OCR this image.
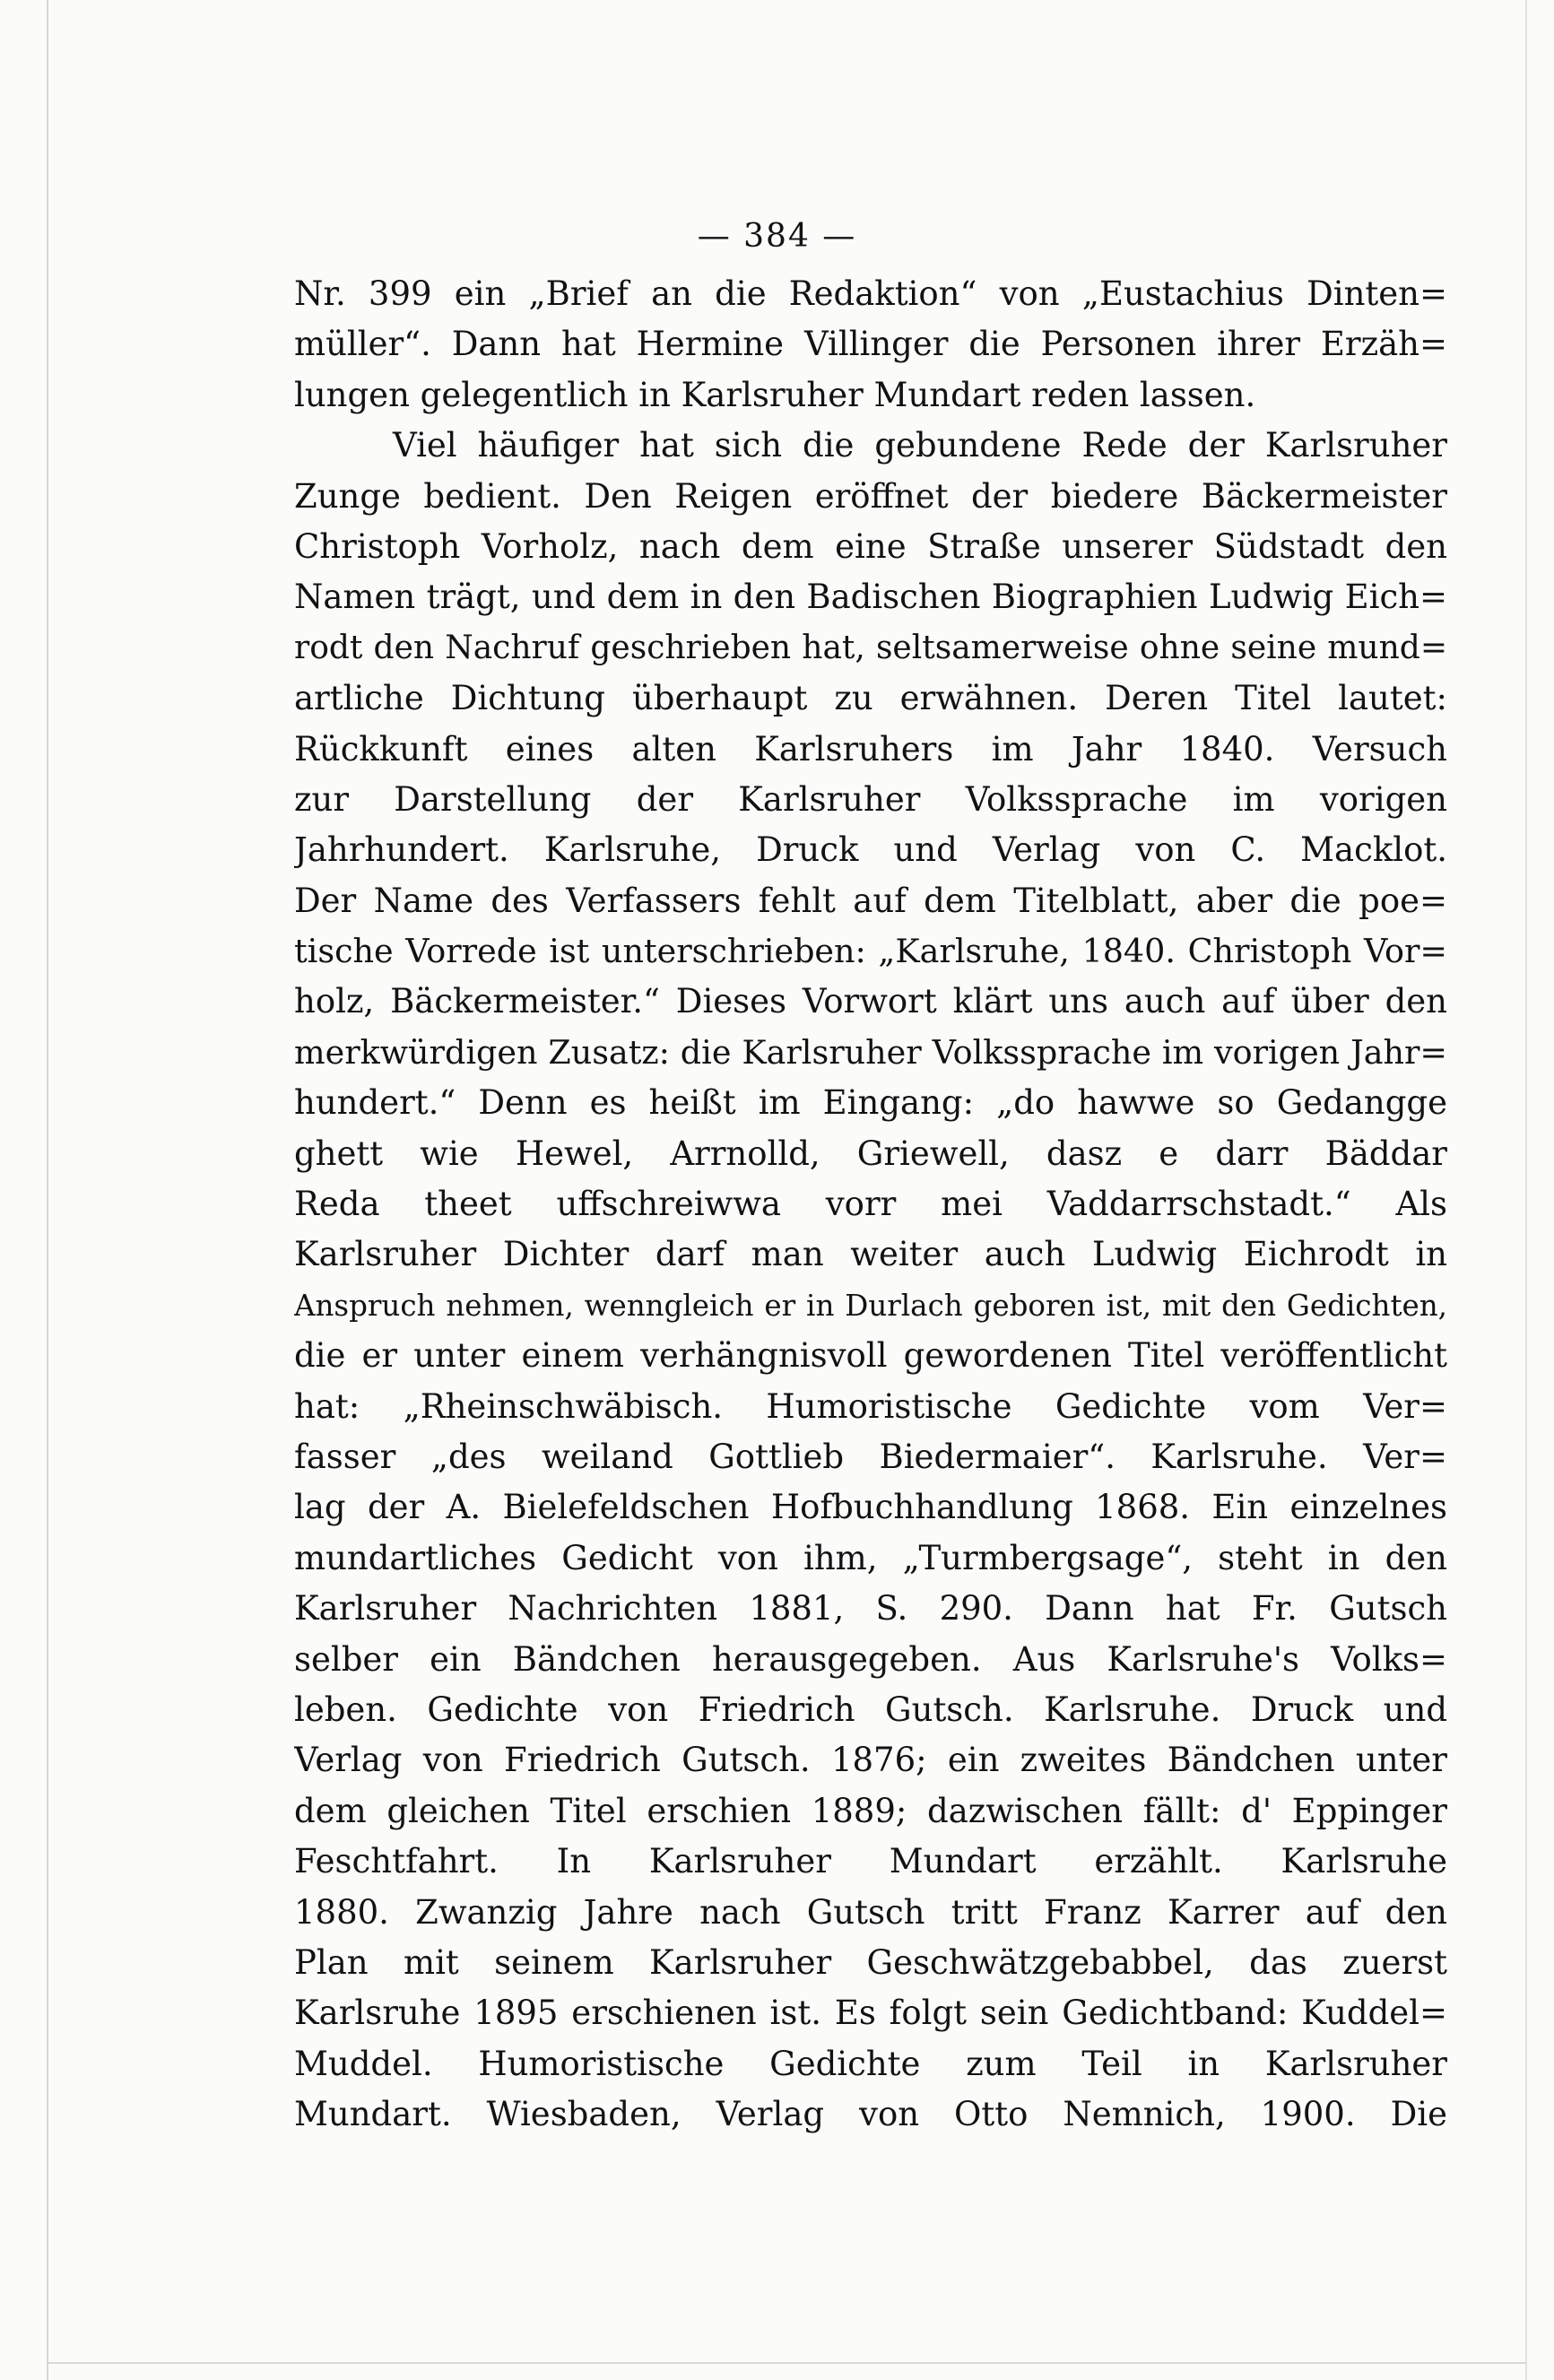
— 384 —
Nr. 399 ein „Brief an die Redaktion“ von „Eustachius Dinten=
müller“. Dann hat Hermine Villinger die Personen ihrer Erzäh=
lungen gelegentlich in Karlsruher Mundart reden lassen.
Viel häufiger hat sich die gebundene Rede der Karlsruher
Zunge bedient. Den Reigen eröffnet der biedere Bäckermeister
Christoph Vorholz, nach dem eine Straße unserer Südstadt den
Namen trägt, und dem in den Badischen Biographien Ludwig Eich=
rodt den Nachruf geschrieben hat, seltsamerweise ohne seine mund=
artliche Dichtung überhaupt zu erwähnen. Deren Titel lautet:
Rückkunft eines alten Karlsruhers im Jahr 1840. Versuch
zur Darstellung der Karlsruher Volkssprache im vorigen
Jahrhundert. Karlsruhe, Druck und Verlag von C. Macklot.
Der Name des Verfassers fehlt auf dem Titelblatt, aber die poe=
tische Vorrede ist unterschrieben: „Karlsruhe, 1840. Christoph Vor=
holz, Bäckermeister.“ Dieses Vorwort klärt uns auch auf über den
merkwürdigen Zusatz: die Karlsruher Volkssprache im vorigen Jahr=
hundert.“ Denn es heißt im Eingang: „do hawwe so Gedangge
ghett wie Hewel, Arrnolld, Griewell, dasz e darr Bäddar
Reda theet uffschreiwwa vorr mei Vaddarrschstadt.“ Als
Karlsruher Dichter darf man weiter auch Ludwig Eichrodt in
Anspruch nehmen, wenngleich er in Durlach geboren ist, mit den Gedichten,
die er unter einem verhängnisvoll gewordenen Titel veröffentlicht
hat: „Rheinschwäbisch. Humoristische Gedichte vom Ver=
fasser „des weiland Gottlieb Biedermaier“. Karlsruhe. Ver=
lag der A. Bielefeldschen Hofbuchhandlung 1868. Ein einzelnes
mundartliches Gedicht von ihm, „Turmbergsage“, steht in den
Karlsruher Nachrichten 1881, S. 290. Dann hat Fr. Gutsch
selber ein Bändchen herausgegeben. Aus Karlsruhe's Volks=
leben. Gedichte von Friedrich Gutsch. Karlsruhe. Druck und
Verlag von Friedrich Gutsch. 1876; ein zweites Bändchen unter
dem gleichen Titel erschien 1889; dazwischen fällt: d' Eppinger
Feschtfahrt. In Karlsruher Mundart erzählt. Karlsruhe
1880. Zwanzig Jahre nach Gutsch tritt Franz Karrer auf den
Plan mit seinem Karlsruher Geschwätzgebabbel, das zuerst
Karlsruhe 1895 erschienen ist. Es folgt sein Gedichtband: Kuddel=
Muddel. Humoristische Gedichte zum Teil in Karlsruher
Mundart. Wiesbaden, Verlag von Otto Nemnich, 1900. Die
